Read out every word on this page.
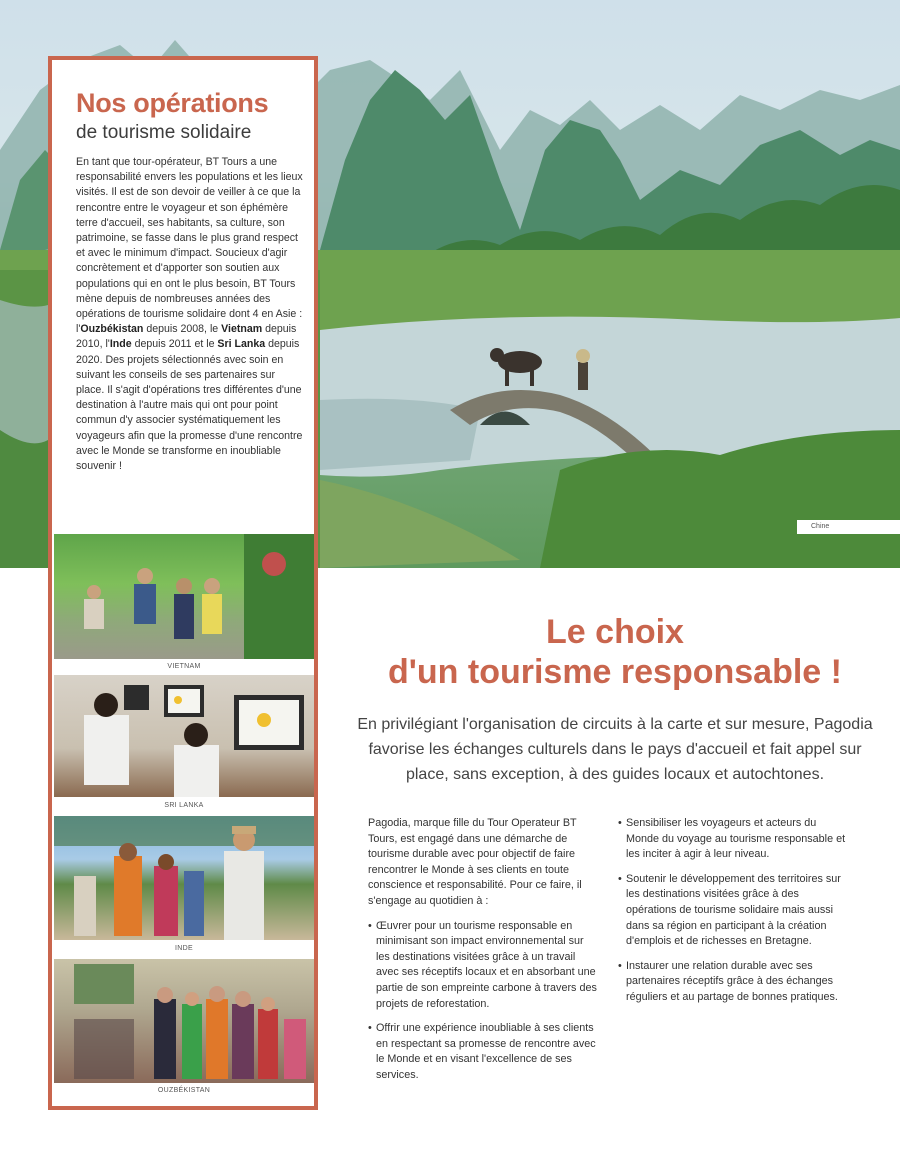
Chine
Nos opérations
de tourisme solidaire
En tant que tour-opérateur, BT Tours a une responsabilité envers les populations et les lieux visités. Il est de son devoir de veiller à ce que la rencontre entre le voyageur et son éphémère terre d'accueil, ses habitants, sa culture, son patrimoine, se fasse dans le plus grand respect et avec le minimum d'impact. Soucieux d'agir concrètement et d'apporter son soutien aux populations qui en ont le plus besoin, BT Tours mène depuis de nombreuses années des opérations de tourisme solidaire dont 4 en Asie : l'Ouzbékistan depuis 2008, le Vietnam depuis 2010, l'Inde depuis 2011 et le Sri Lanka depuis 2020. Des projets sélectionnés avec soin en suivant les conseils de ses partenaires sur place. Il s'agit d'opérations tres différentes d'une destination à l'autre mais qui ont pour point commun d'y associer systématiquement les voyageurs afin que la promesse d'une rencontre avec le Monde se transforme en inoubliable souvenir !
VIETNAM
SRI LANKA
INDE
OUZBÉKISTAN
Le choix
d'un tourisme responsable !
En privilégiant l'organisation de circuits à la carte et sur mesure, Pagodia favorise les échanges culturels dans le pays d'accueil et fait appel sur place, sans exception, à des guides locaux et autochtones.

Pagodia, marque fille du Tour Operateur BT Tours, est engagé dans une démarche de tourisme durable avec pour objectif de faire rencontrer le Monde à ses clients en toute conscience et responsabilité. Pour ce faire, il s'engage au quotidien à :

• Œuvrer pour un tourisme responsable en minimisant son impact environnemental sur les destinations visitées grâce à un travail avec ses réceptifs locaux et en absorbant une partie de son empreinte carbone à travers des projets de reforestation.
• Offrir une expérience inoubliable à ses clients en respectant sa promesse de rencontre avec le Monde et en visant l'excellence de ses services.
• Sensibiliser les voyageurs et acteurs du Monde du voyage au tourisme responsable et les inciter à agir à leur niveau.
• Soutenir le développement des territoires sur les destinations visitées grâce à des opérations de tourisme solidaire mais aussi dans sa région en participant à la création d'emplois et de richesses en Bretagne.
• Instaurer une relation durable avec ses partenaires réceptifs grâce à des échanges réguliers et au partage de bonnes pratiques.
